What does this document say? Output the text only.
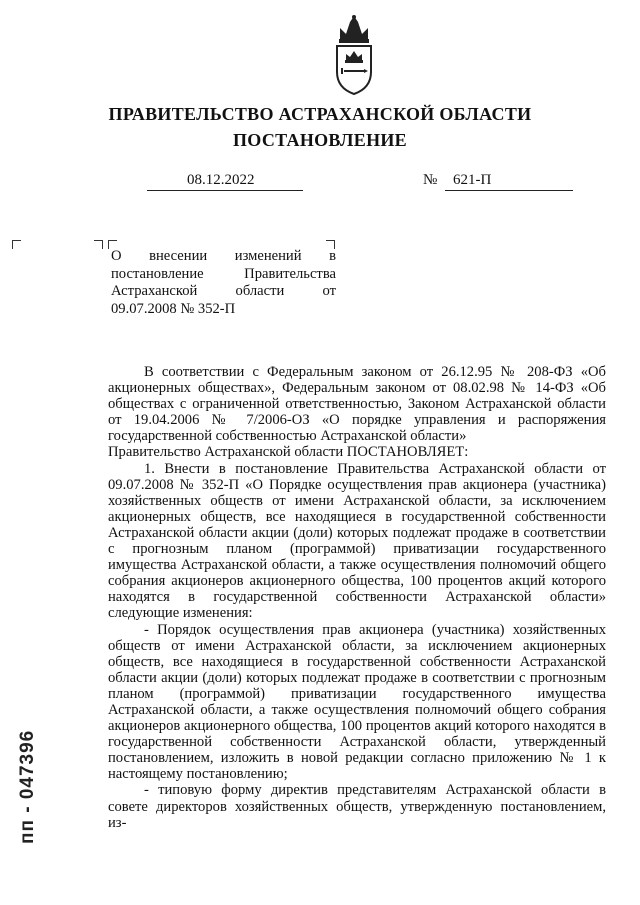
ПРАВИТЕЛЬСТВО АСТРАХАНСКОЙ ОБЛАСТИ
ПОСТАНОВЛЕНИЕ
08.12.2022	№ 621-П
О внесении изменений в постановление Правительства Астраханской области от 09.07.2008 № 352-П

В соответствии с Федеральным законом от 26.12.95 № 208-ФЗ «Об акционерных обществах», Федеральным законом от 08.02.98 № 14-ФЗ «Об обществах с ограниченной ответственностью, Законом Астраханской области от 19.04.2006 № 7/2006-ОЗ «О порядке управления и распоряжения государственной собственностью Астраханской области»

Правительство Астраханской области ПОСТАНОВЛЯЕТ:

1. Внести в постановление Правительства Астраханской области от 09.07.2008 № 352-П «О Порядке осуществления прав акционера (участника) хозяйственных обществ от имени Астраханской области, за исключением акционерных обществ, все находящиеся в государственной собственности Астраханской области акции (доли) которых подлежат продаже в соответствии с прогнозным планом (программой) приватизации государственного имущества Астраханской области, а также осуществления полномочий общего собрания акционеров акционерного общества, 100 процентов акций которого находятся в государственной собственности Астраханской области» следующие изменения:

- Порядок осуществления прав акционера (участника) хозяйственных обществ от имени Астраханской области, за исключением акционерных обществ, все находящиеся в государственной собственности Астраханской области акции (доли) которых подлежат продаже в соответствии с прогнозным планом (программой) приватизации государственного имущества Астраханской области, а также осуществления полномочий общего собрания акционеров акционерного общества, 100 процентов акций которого находятся в государственной собственности Астраханской области, утвержденный постановлением, изложить в новой редакции согласно приложению № 1 к настоящему постановлению;

- типовую форму директив представителям Астраханской области в совете директоров хозяйственных обществ, утвержденную постановлением, из-

пп - 047396
